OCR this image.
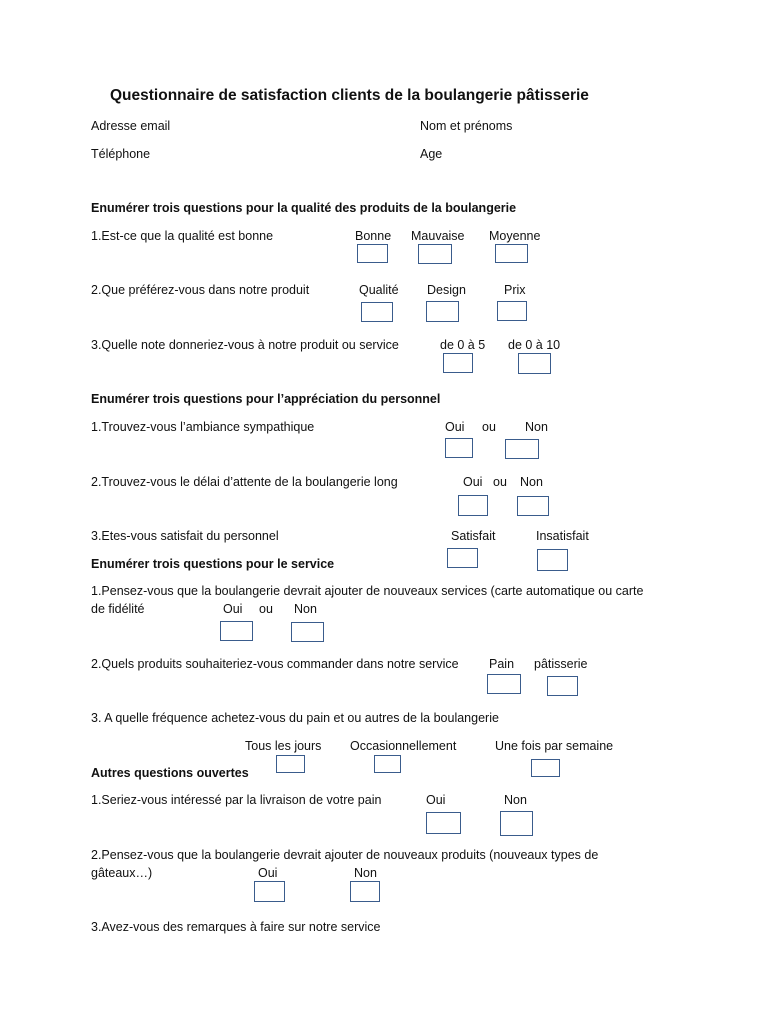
Questionnaire de satisfaction clients de la boulangerie pâtisserie
Adresse email	Nom et prénoms
Téléphone	Age
Enumérer trois questions pour la qualité des produits de la boulangerie
1.Est-ce que la qualité est bonne	Bonne Mauvaise Moyenne
2.Que préférez-vous dans notre produit	Qualité Design	Prix
3.Quelle note donneriez-vous à notre produit ou service	de 0 à 5 de 0 à 10
Enumérer trois questions pour l’appréciation du personnel
1.Trouvez-vous l’ambiance sympathique	Oui ou Non
2.Trouvez-vous le délai d’attente de la boulangerie long	Oui ou Non
3.Etes-vous satisfait du personnel	Satisfait	Insatisfait
Enumérer trois questions pour le service
1.Pensez-vous que la boulangerie devrait ajouter de nouveaux services (carte automatique ou carte
de fidélité	Oui ou Non
2.Quels produits souhaiteriez-vous commander dans notre service Pain pâtisserie
3. A quelle fréquence achetez-vous du pain et ou autres de la boulangerie
Tous les jours Occasionnellement	Une fois par semaine
Autres questions ouvertes
1.Seriez-vous intéressé par la livraison de votre pain	Oui	Non
2.Pensez-vous que la boulangerie devrait ajouter de nouveaux produits (nouveaux types de
gâteaux…)	Oui	Non
3.Avez-vous des remarques à faire sur notre service
